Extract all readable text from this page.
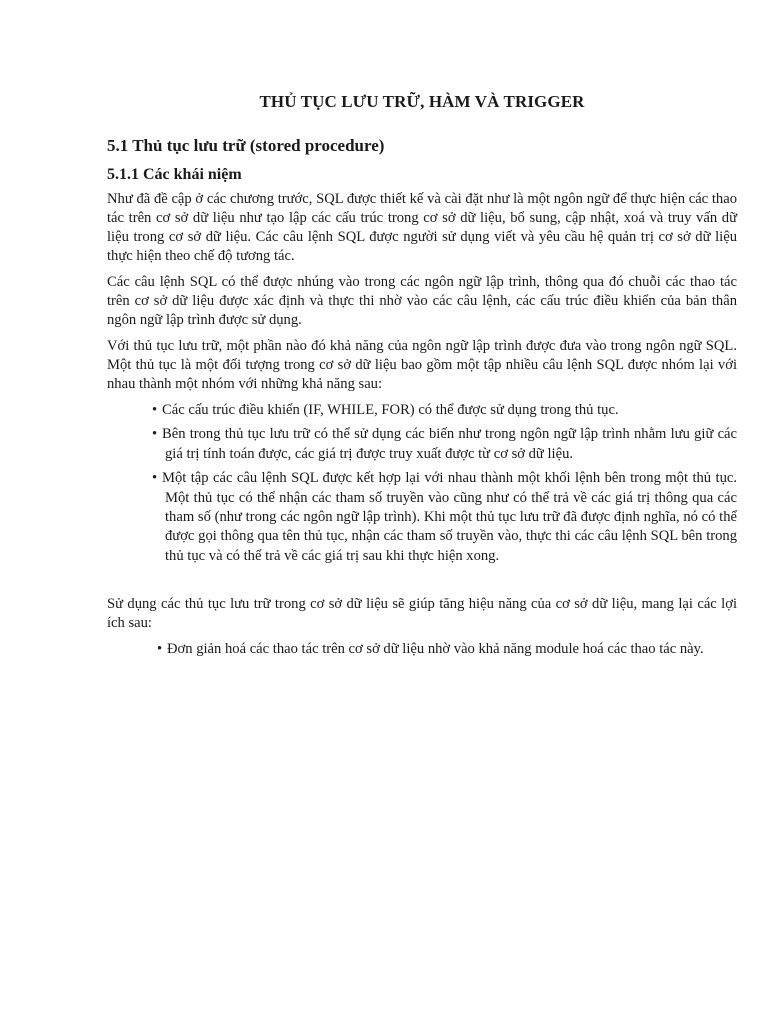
THỦ TỤC LƯU TRỮ, HÀM VÀ TRIGGER
5.1 Thủ tục lưu trữ (stored procedure)
5.1.1 Các khái niệm

Như đã đề cập ở các chương trước, SQL được thiết kế và cài đặt như là một ngôn ngữ để thực hiện các thao tác trên cơ sở dữ liệu như tạo lập các cấu trúc trong cơ sở dữ liệu, bổ sung, cập nhật, xoá và truy vấn dữ liệu trong cơ sở dữ liệu. Các câu lệnh SQL được người sử dụng viết và yêu cầu hệ quản trị cơ sở dữ liệu thực hiện theo chế độ tương tác.

Các câu lệnh SQL có thể được nhúng vào trong các ngôn ngữ lập trình, thông qua đó chuỗi các thao tác trên cơ sở dữ liệu được xác định và thực thi nhờ vào các câu lệnh, các cấu trúc điều khiển của bản thân ngôn ngữ lập trình được sử dụng.

Với thủ tục lưu trữ, một phần nào đó khả năng của ngôn ngữ lập trình được đưa vào trong ngôn ngữ SQL. Một thủ tục là một đối tượng trong cơ sở dữ liệu bao gồm một tập nhiều câu lệnh SQL được nhóm lại với nhau thành một nhóm với những khả năng sau:

• Các cấu trúc điều khiển (IF, WHILE, FOR) có thể được sử dụng trong thủ tục.
• Bên trong thủ tục lưu trữ có thể sử dụng các biến như trong ngôn ngữ lập trình nhằm lưu giữ các giá trị tính toán được, các giá trị được truy xuất được từ cơ sở dữ liệu.
• Một tập các câu lệnh SQL được kết hợp lại với nhau thành một khối lệnh bên trong một thủ tục. Một thủ tục có thể nhận các tham số truyền vào cũng như có thể trả về các giá trị thông qua các tham số (như trong các ngôn ngữ lập trình). Khi một thủ tục lưu trữ đã được định nghĩa, nó có thể được gọi thông qua tên thủ tục, nhận các tham số truyền vào, thực thi các câu lệnh SQL bên trong thủ tục và có thể trả về các giá trị sau khi thực hiện xong.

Sử dụng các thủ tục lưu trữ trong cơ sở dữ liệu sẽ giúp tăng hiệu năng của cơ sở dữ liệu, mang lại các lợi ích sau:

• Đơn giản hoá các thao tác trên cơ sở dữ liệu nhờ vào khả năng module hoá các thao tác này.
